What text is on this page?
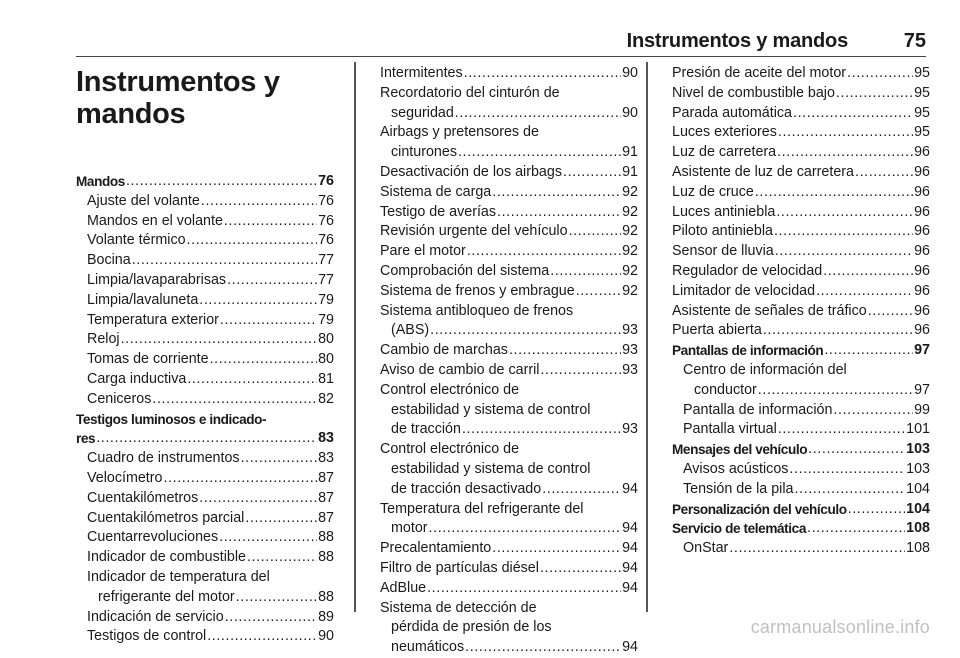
Instrumentos y mandos	75
Instrumentos y
mandos
Mandos .....	76
Ajuste del volante .....	76
Mandos en el volante .....	76
Volante térmico .....	76
Bocina .....	77
Limpia/lavaparabrisas .....	77
Limpia/lavaluneta .....	79
Temperatura exterior .....	79
Reloj .....	80
Tomas de corriente .....	80
Carga inductiva .....	81
Ceniceros .....	82
Testigos luminosos e indicado-
res .....	83
Cuadro de instrumentos .....	83
Velocímetro .....	87
Cuentakilómetros .....	87
Cuentakilómetros parcial .....	87
Cuentarrevoluciones .....	88
Indicador de combustible .....	88
Indicador de temperatura del
refrigerante del motor .....	88
Indicación de servicio .....	89
Testigos de control .....	90
Intermitentes .....	90
Recordatorio del cinturón de
seguridad .....	90
Airbags y pretensores de
cinturones .....	91
Desactivación de los airbags .....	91
Sistema de carga .....	92
Testigo de averías .....	92
Revisión urgente del vehículo .....	92
Pare el motor .....	92
Comprobación del sistema .....	92
Sistema de frenos y embrague .....	92
Sistema antibloqueo de frenos
(ABS) .....	93
Cambio de marchas .....	93
Aviso de cambio de carril .....	93
Control electrónico de
estabilidad y sistema de control
de tracción .....	93
Control electrónico de
estabilidad y sistema de control
de tracción desactivado .....	94
Temperatura del refrigerante del
motor .....	94
Precalentamiento .....	94
Filtro de partículas diésel .....	94
AdBlue .....	94
Sistema de detección de
pérdida de presión de los
neumáticos .....	94
Presión de aceite del motor .....	95
Nivel de combustible bajo .....	95
Parada automática .....	95
Luces exteriores .....	95
Luz de carretera .....	96
Asistente de luz de carretera .....	96
Luz de cruce .....	96
Luces antiniebla .....	96
Piloto antiniebla .....	96
Sensor de lluvia .....	96
Regulador de velocidad .....	96
Limitador de velocidad .....	96
Asistente de señales de tráfico .....	96
Puerta abierta .....	96
Pantallas de información .....	97
Centro de información del
conductor .....	97
Pantalla de información .....	99
Pantalla virtual .....	101
Mensajes del vehículo .....	103
Avisos acústicos .....	103
Tensión de la pila .....	104
Personalización del vehículo .....	104
Servicio de telemática .....	108
OnStar .....	108
carmanualsonline.info
